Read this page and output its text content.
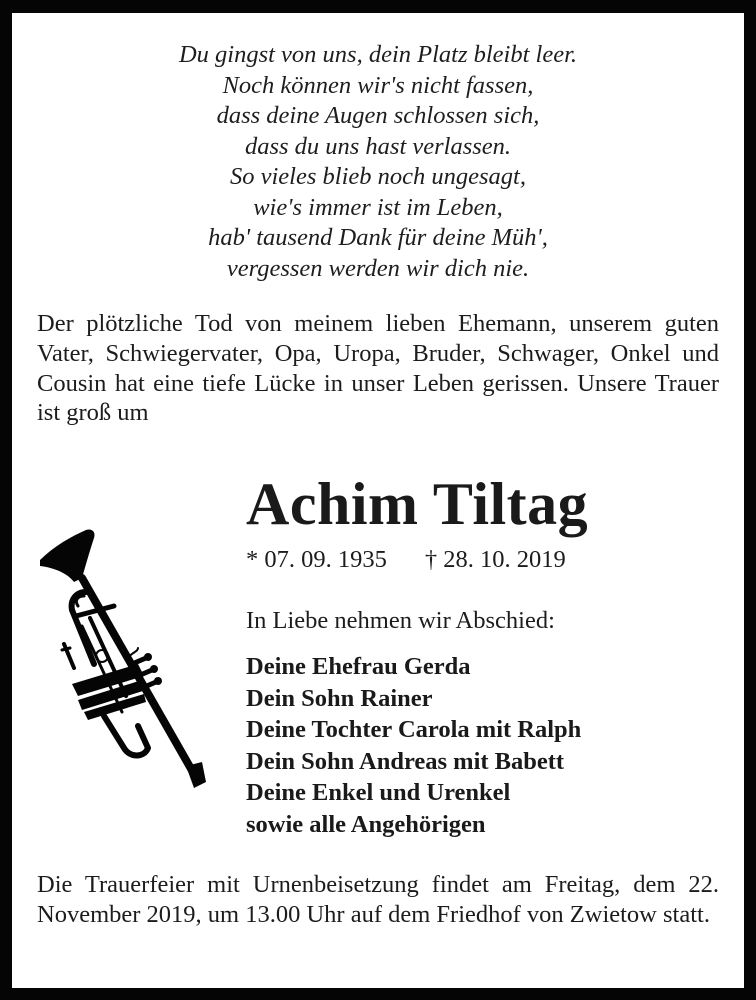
Du gingst von uns, dein Platz bleibt leer.
Noch können wir's nicht fassen,
dass deine Augen schlossen sich,
dass du uns hast verlassen.
So vieles blieb noch ungesagt,
wie's immer ist im Leben,
hab' tausend Dank für deine Müh',
vergessen werden wir dich nie.
Der plötzliche Tod von meinem lieben Ehemann, unserem guten Vater, Schwiegervater, Opa, Uropa, Bruder, Schwager, Onkel und Cousin hat eine tiefe Lücke in unser Leben gerissen. Unsere Trauer ist groß um
Achim Tiltag
* 07. 09. 1935 † 28. 10. 2019
In Liebe nehmen wir Abschied:
Deine Ehefrau Gerda
Dein Sohn Rainer
Deine Tochter Carola mit Ralph
Dein Sohn Andreas mit Babett
Deine Enkel und Urenkel
sowie alle Angehörigen
Die Trauerfeier mit Urnenbeisetzung findet am Freitag, dem 22. November 2019, um 13.00 Uhr auf dem Friedhof von Zwietow statt.
